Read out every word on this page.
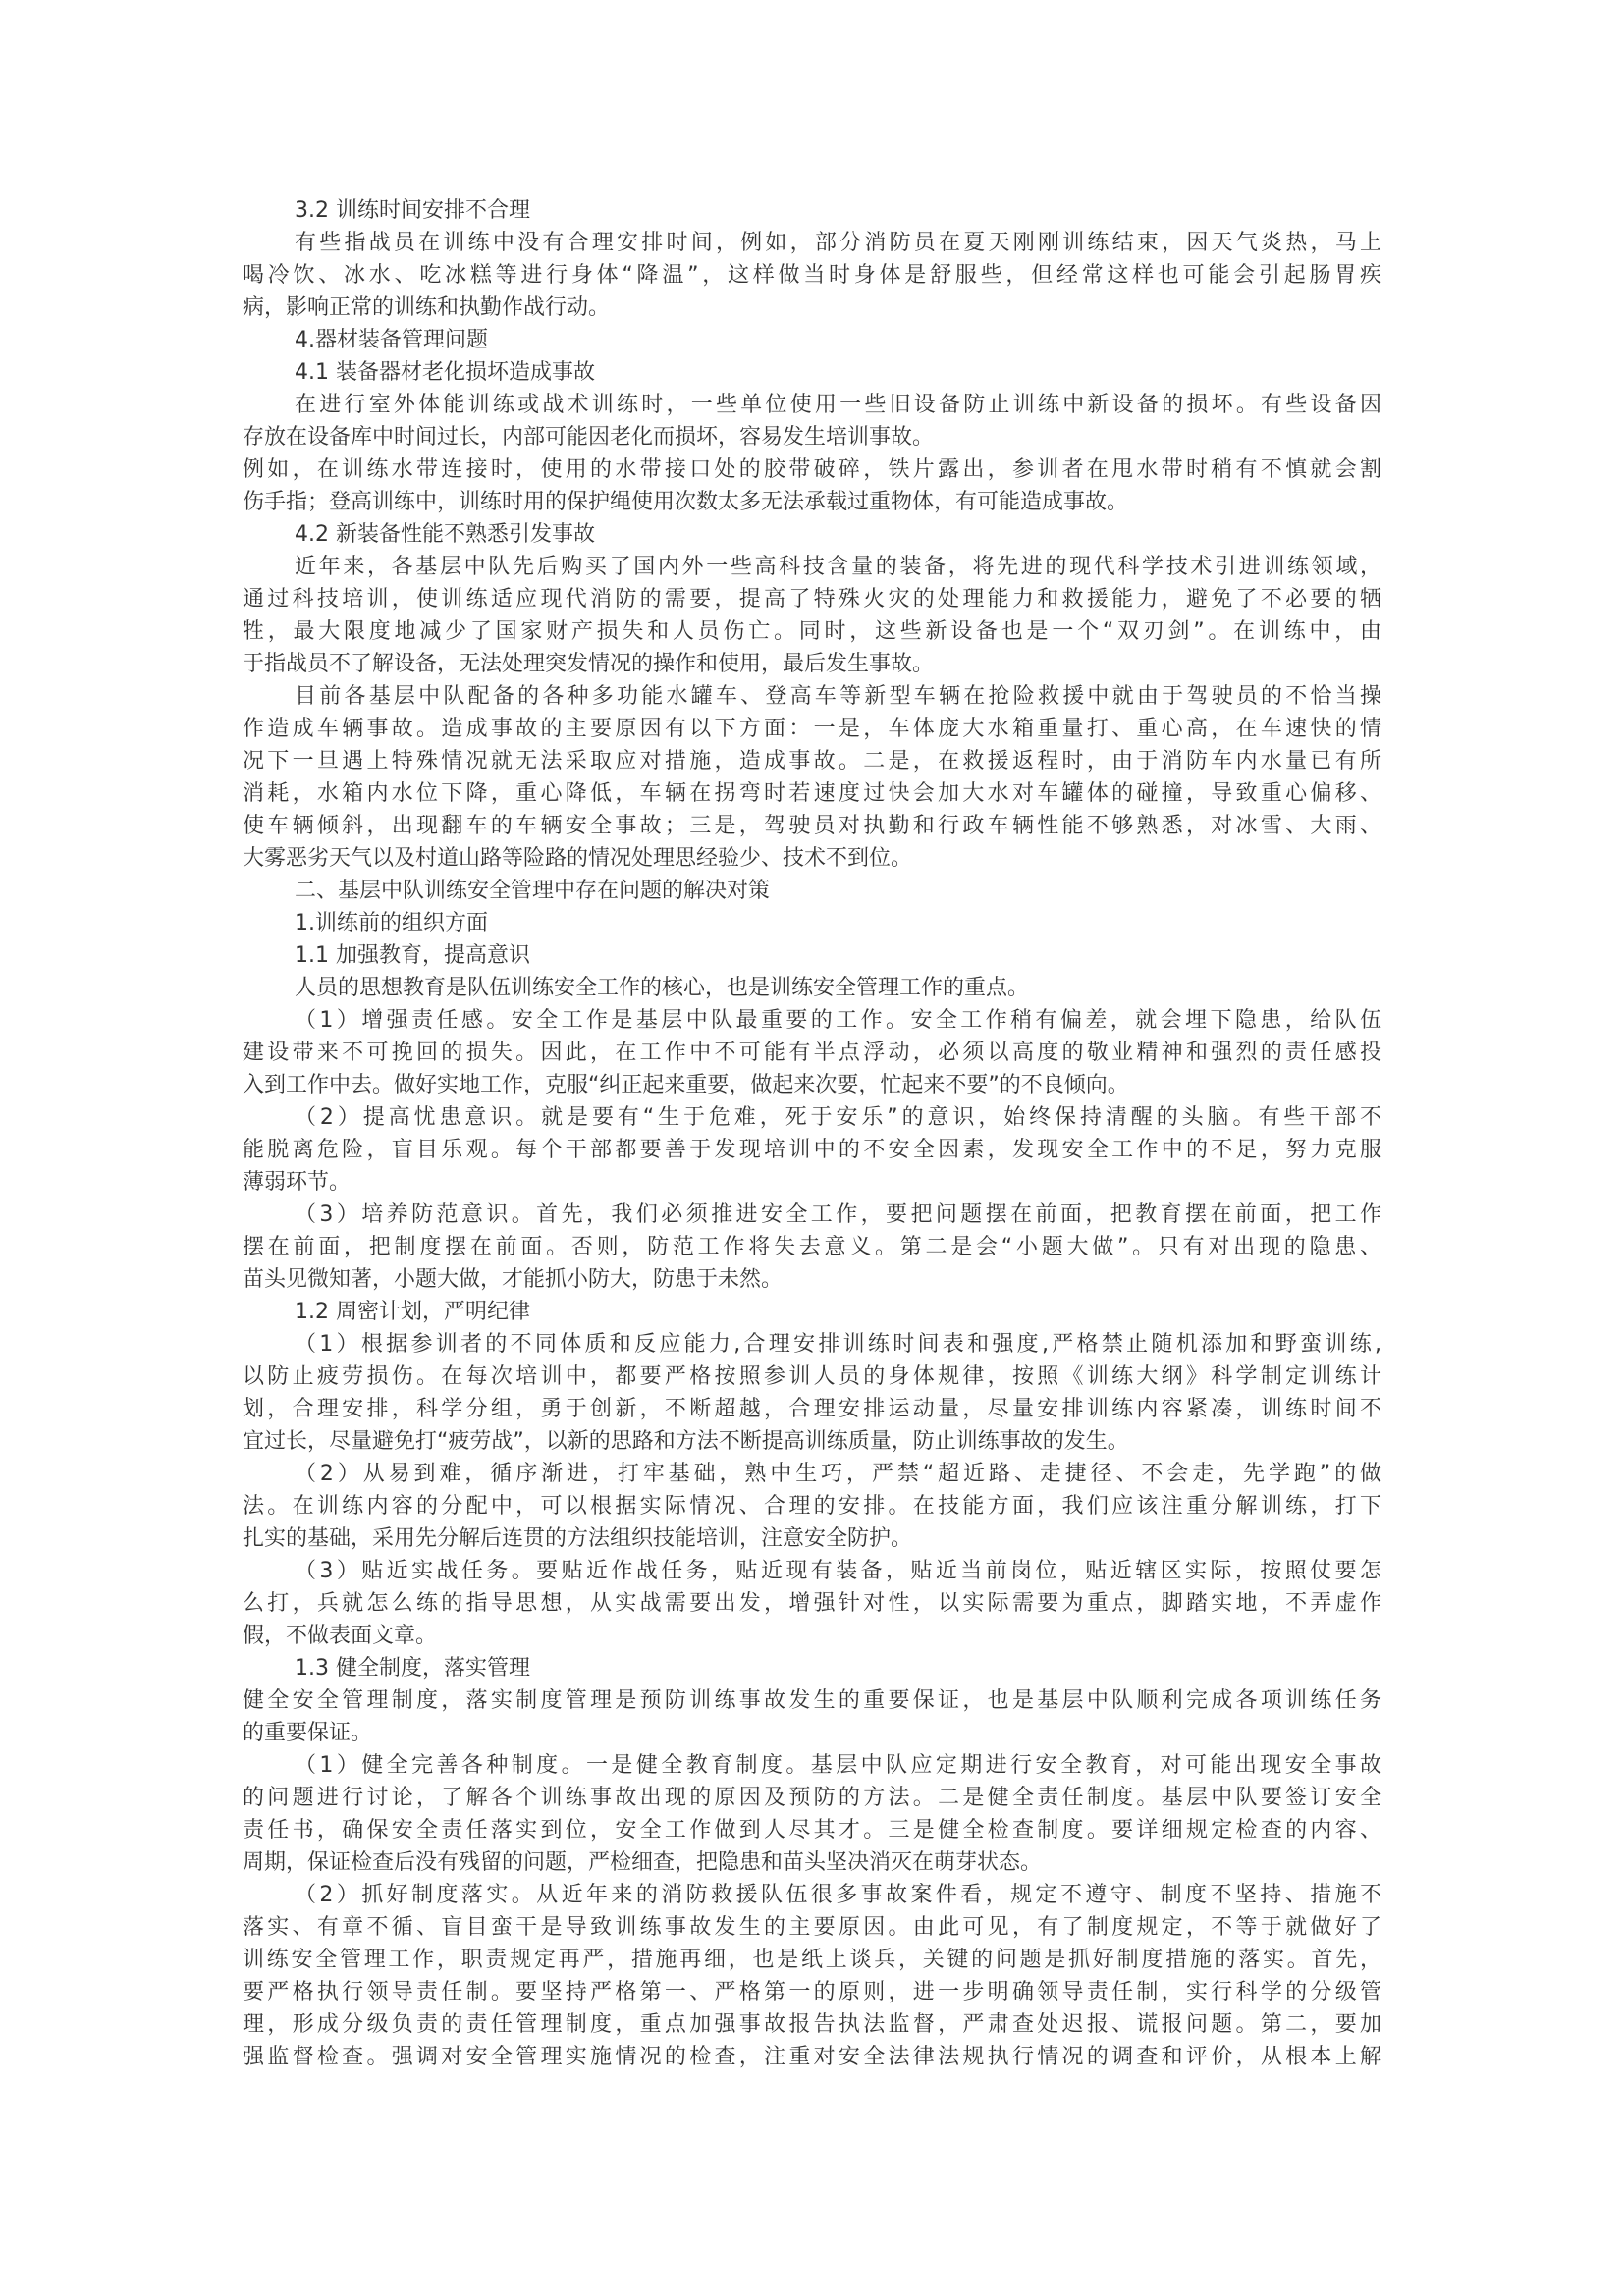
3.2 训练时间安排不合理
有些指战员在训练中没有合理安排时间，例如，部分消防员在夏天刚刚训练结束，因天气炎热，马上
喝冷饮、冰水、吃冰糕等进行身体“降温”，这样做当时身体是舒服些，但经常这样也可能会引起肠胃疾
病，影响正常的训练和执勤作战行动。
4.器材装备管理问题
4.1 装备器材老化损坏造成事故
在进行室外体能训练或战术训练时，一些单位使用一些旧设备防止训练中新设备的损坏。有些设备因
存放在设备库中时间过长，内部可能因老化而损坏，容易发生培训事故。
例如，在训练水带连接时，使用的水带接口处的胶带破碎，铁片露出，参训者在甩水带时稍有不慎就会割
伤手指；登高训练中，训练时用的保护绳使用次数太多无法承载过重物体，有可能造成事故。
4.2 新装备性能不熟悉引发事故
近年来，各基层中队先后购买了国内外一些高科技含量的装备，将先进的现代科学技术引进训练领域，
通过科技培训，使训练适应现代消防的需要，提高了特殊火灾的处理能力和救援能力，避免了不必要的牺
牲，最大限度地减少了国家财产损失和人员伤亡。同时，这些新设备也是一个“双刃剑”。在训练中，由
于指战员不了解设备，无法处理突发情况的操作和使用，最后发生事故。
目前各基层中队配备的各种多功能水罐车、登高车等新型车辆在抢险救援中就由于驾驶员的不恰当操
作造成车辆事故。造成事故的主要原因有以下方面：一是，车体庞大水箱重量打、重心高，在车速快的情
况下一旦遇上特殊情况就无法采取应对措施，造成事故。二是，在救援返程时，由于消防车内水量已有所
消耗，水箱内水位下降，重心降低，车辆在拐弯时若速度过快会加大水对车罐体的碰撞，导致重心偏移、
使车辆倾斜，出现翻车的车辆安全事故；三是，驾驶员对执勤和行政车辆性能不够熟悉，对冰雪、大雨、
大雾恶劣天气以及村道山路等险路的情况处理思经验少、技术不到位。
二、基层中队训练安全管理中存在问题的解决对策
1.训练前的组织方面
1.1 加强教育，提高意识
人员的思想教育是队伍训练安全工作的核心，也是训练安全管理工作的重点。
（1）增强责任感。安全工作是基层中队最重要的工作。安全工作稍有偏差，就会埋下隐患，给队伍
建设带来不可挽回的损失。因此，在工作中不可能有半点浮动，必须以高度的敬业精神和强烈的责任感投
入到工作中去。做好实地工作，克服“纠正起来重要，做起来次要，忙起来不要”的不良倾向。
（2）提高忧患意识。就是要有“生于危难，死于安乐”的意识，始终保持清醒的头脑。有些干部不
能脱离危险，盲目乐观。每个干部都要善于发现培训中的不安全因素，发现安全工作中的不足，努力克服
薄弱环节。
（3）培养防范意识。首先，我们必须推进安全工作，要把问题摆在前面，把教育摆在前面，把工作
摆在前面，把制度摆在前面。否则，防范工作将失去意义。第二是会“小题大做”。只有对出现的隐患、
苗头见微知著，小题大做，才能抓小防大，防患于未然。
1.2 周密计划，严明纪律
（1）根据参训者的不同体质和反应能力,合理安排训练时间表和强度,严格禁止随机添加和野蛮训练,
以防止疲劳损伤。在每次培训中，都要严格按照参训人员的身体规律，按照《训练大纲》科学制定训练计
划，合理安排，科学分组，勇于创新，不断超越，合理安排运动量，尽量安排训练内容紧凑，训练时间不
宜过长，尽量避免打“疲劳战”，以新的思路和方法不断提高训练质量，防止训练事故的发生。
（2）从易到难，循序渐进，打牢基础，熟中生巧，严禁“超近路、走捷径、不会走，先学跑”的做
法。在训练内容的分配中，可以根据实际情况、合理的安排。在技能方面，我们应该注重分解训练，打下
扎实的基础，采用先分解后连贯的方法组织技能培训，注意安全防护。
（3）贴近实战任务。要贴近作战任务，贴近现有装备，贴近当前岗位，贴近辖区实际，按照仗要怎
么打，兵就怎么练的指导思想，从实战需要出发，增强针对性，以实际需要为重点，脚踏实地，不弄虚作
假，不做表面文章。
1.3 健全制度，落实管理
健全安全管理制度，落实制度管理是预防训练事故发生的重要保证，也是基层中队顺利完成各项训练任务
的重要保证。
（1）健全完善各种制度。一是健全教育制度。基层中队应定期进行安全教育，对可能出现安全事故
的问题进行讨论，了解各个训练事故出现的原因及预防的方法。二是健全责任制度。基层中队要签订安全
责任书，确保安全责任落实到位，安全工作做到人尽其才。三是健全检查制度。要详细规定检查的内容、
周期，保证检查后没有残留的问题，严检细查，把隐患和苗头坚决消灭在萌芽状态。
（2）抓好制度落实。从近年来的消防救援队伍很多事故案件看，规定不遵守、制度不坚持、措施不
落实、有章不循、盲目蛮干是导致训练事故发生的主要原因。由此可见，有了制度规定，不等于就做好了
训练安全管理工作，职责规定再严，措施再细，也是纸上谈兵，关键的问题是抓好制度措施的落实。首先，
要严格执行领导责任制。要坚持严格第一、严格第一的原则，进一步明确领导责任制，实行科学的分级管
理，形成分级负责的责任管理制度，重点加强事故报告执法监督，严肃查处迟报、谎报问题。第二，要加
强监督检查。强调对安全管理实施情况的检查，注重对安全法律法规执行情况的调查和评价，从根本上解
